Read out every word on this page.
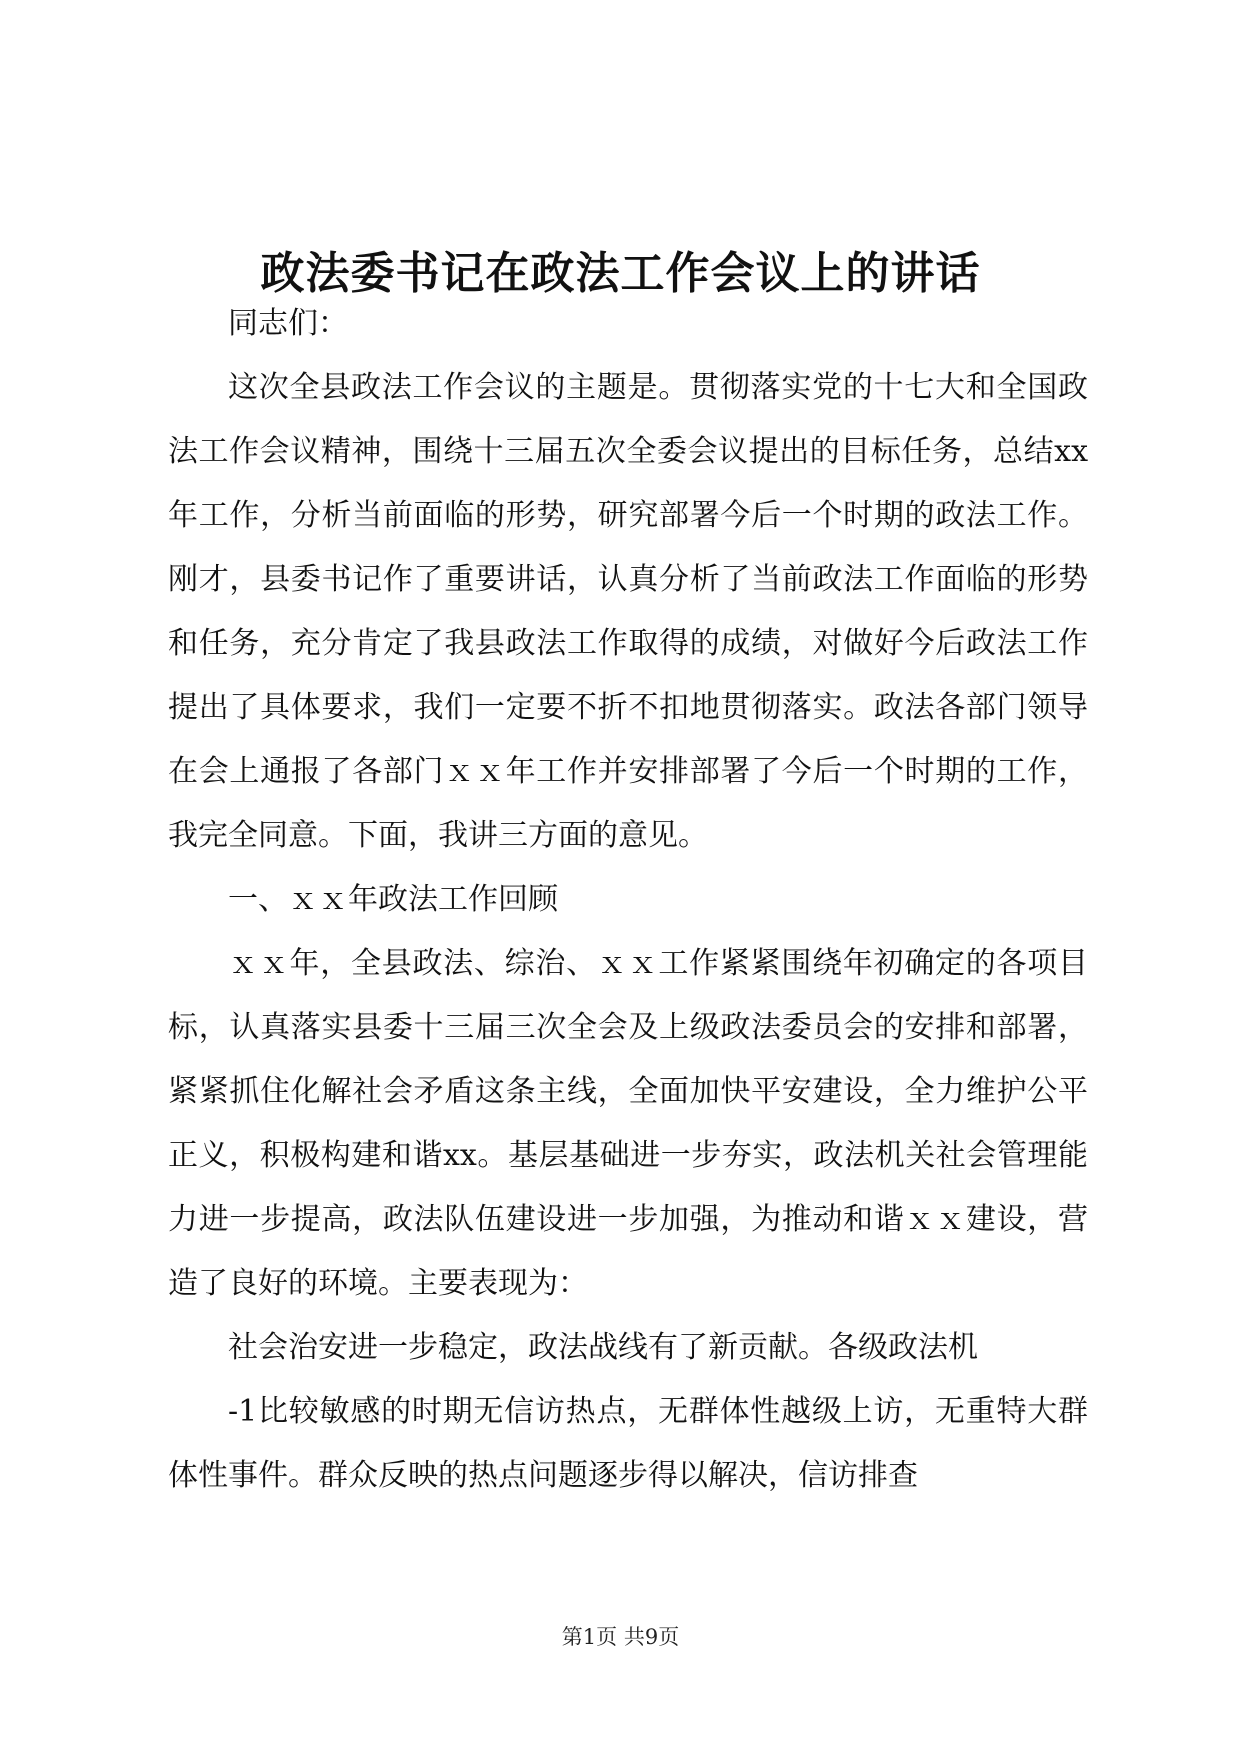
政法委书记在政法工作会议上的讲话

同志们：

这次全县政法工作会议的主题是。贯彻落实党的十七大和全国政法工作会议精神，围绕十三届五次全委会议提出的目标任务，总结xx年工作，分析当前面临的形势，研究部署今后一个时期的政法工作。刚才，县委书记作了重要讲话，认真分析了当前政法工作面临的形势和任务，充分肯定了我县政法工作取得的成绩，对做好今后政法工作提出了具体要求，我们一定要不折不扣地贯彻落实。政法各部门领导在会上通报了各部门ｘｘ年工作并安排部署了今后一个时期的工作，我完全同意。下面，我讲三方面的意见。

一、ｘｘ年政法工作回顾

ｘｘ年，全县政法、综治、ｘｘ工作紧紧围绕年初确定的各项目标，认真落实县委十三届三次全会及上级政法委员会的安排和部署，紧紧抓住化解社会矛盾这条主线，全面加快平安建设，全力维护公平正义，积极构建和谐xx。基层基础进一步夯实，政法机关社会管理能力进一步提高，政法队伍建设进一步加强，为推动和谐ｘｘ建设，营造了良好的环境。主要表现为：

社会治安进一步稳定，政法战线有了新贡献。各级政法机

-1比较敏感的时期无信访热点，无群体性越级上访，无重特大群体性事件。群众反映的热点问题逐步得以解决，信访排查

第1页 共9页
